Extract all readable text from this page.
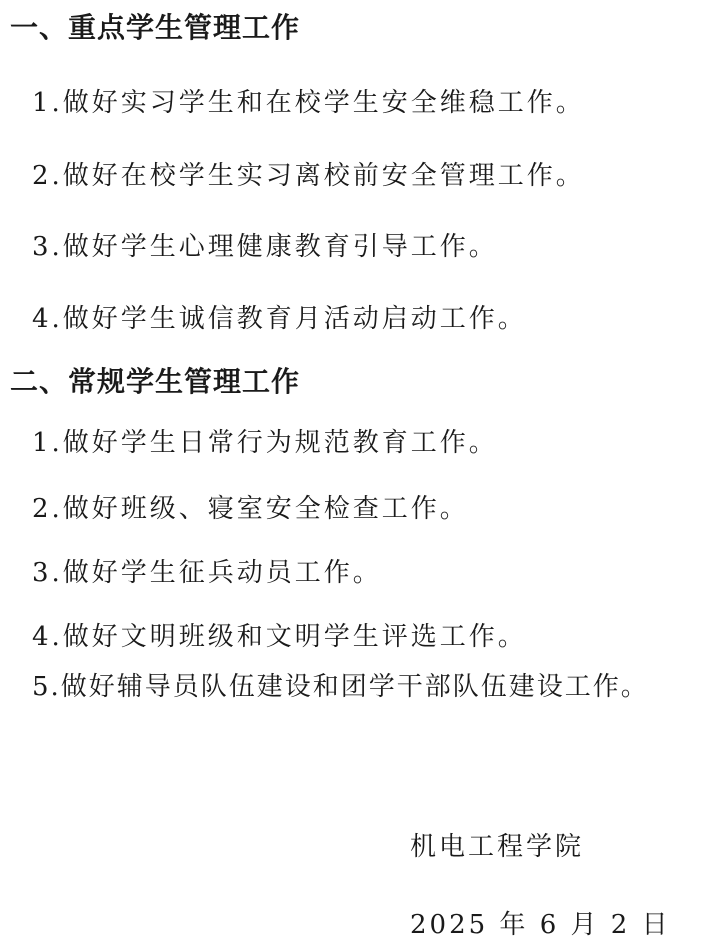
一、重点学生管理工作
1.做好实习学生和在校学生安全维稳工作。
2.做好在校学生实习离校前安全管理工作。
3.做好学生心理健康教育引导工作。
4.做好学生诚信教育月活动启动工作。
二、常规学生管理工作
1.做好学生日常行为规范教育工作。
2.做好班级、寝室安全检查工作。
3.做好学生征兵动员工作。
4.做好文明班级和文明学生评选工作。
5.做好辅导员队伍建设和团学干部队伍建设工作。
机电工程学院
2025 年 6 月 2 日
